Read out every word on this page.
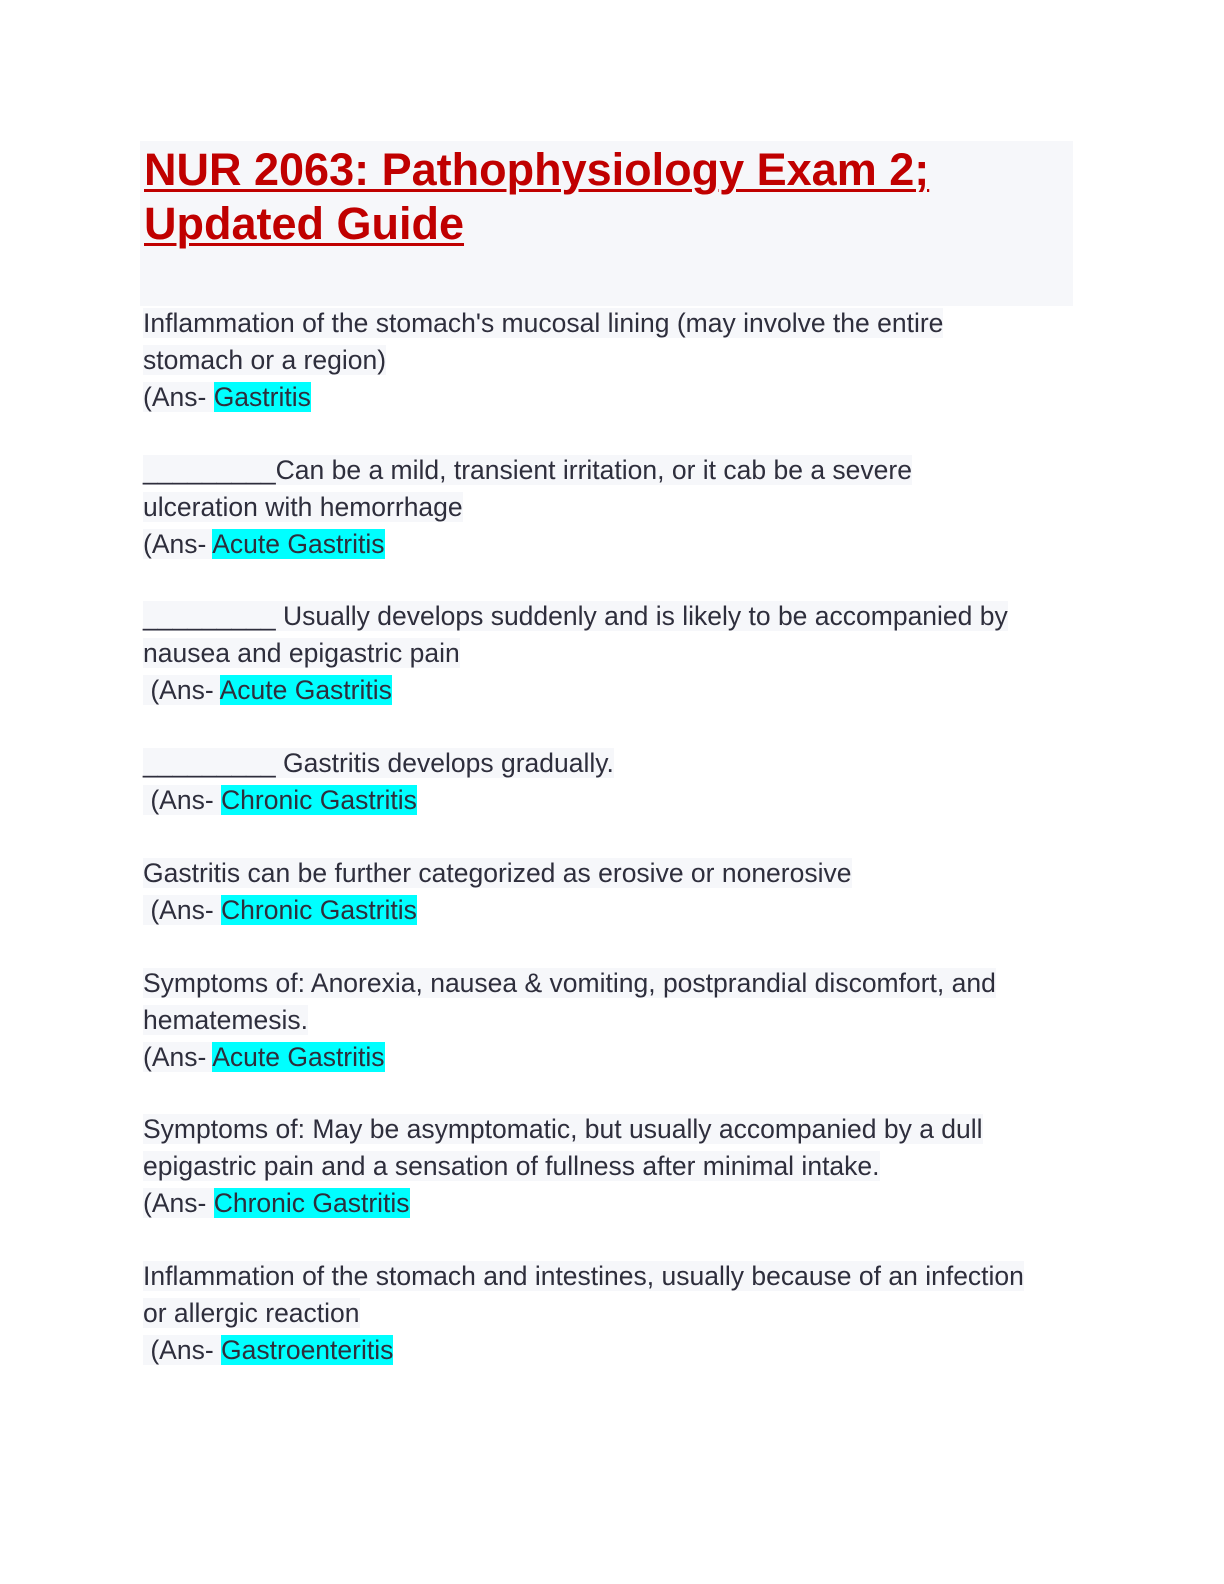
NUR 2063: Pathophysiology Exam 2;
Updated Guide
Inflammation of the stomach's mucosal lining (may involve the entire
stomach or a region)
(Ans- Gastritis
_________Can be a mild, transient irritation, or it cab be a severe
ulceration with hemorrhage
(Ans- Acute Gastritis
_________ Usually develops suddenly and is likely to be accompanied by
nausea and epigastric pain
(Ans- Acute Gastritis
_________ Gastritis develops gradually.
(Ans- Chronic Gastritis
Gastritis can be further categorized as erosive or nonerosive
(Ans- Chronic Gastritis
Symptoms of: Anorexia, nausea & vomiting, postprandial discomfort, and
hematemesis.
(Ans- Acute Gastritis
Symptoms of: May be asymptomatic, but usually accompanied by a dull
epigastric pain and a sensation of fullness after minimal intake.
(Ans- Chronic Gastritis
Inflammation of the stomach and intestines, usually because of an infection
or allergic reaction
(Ans- Gastroenteritis
